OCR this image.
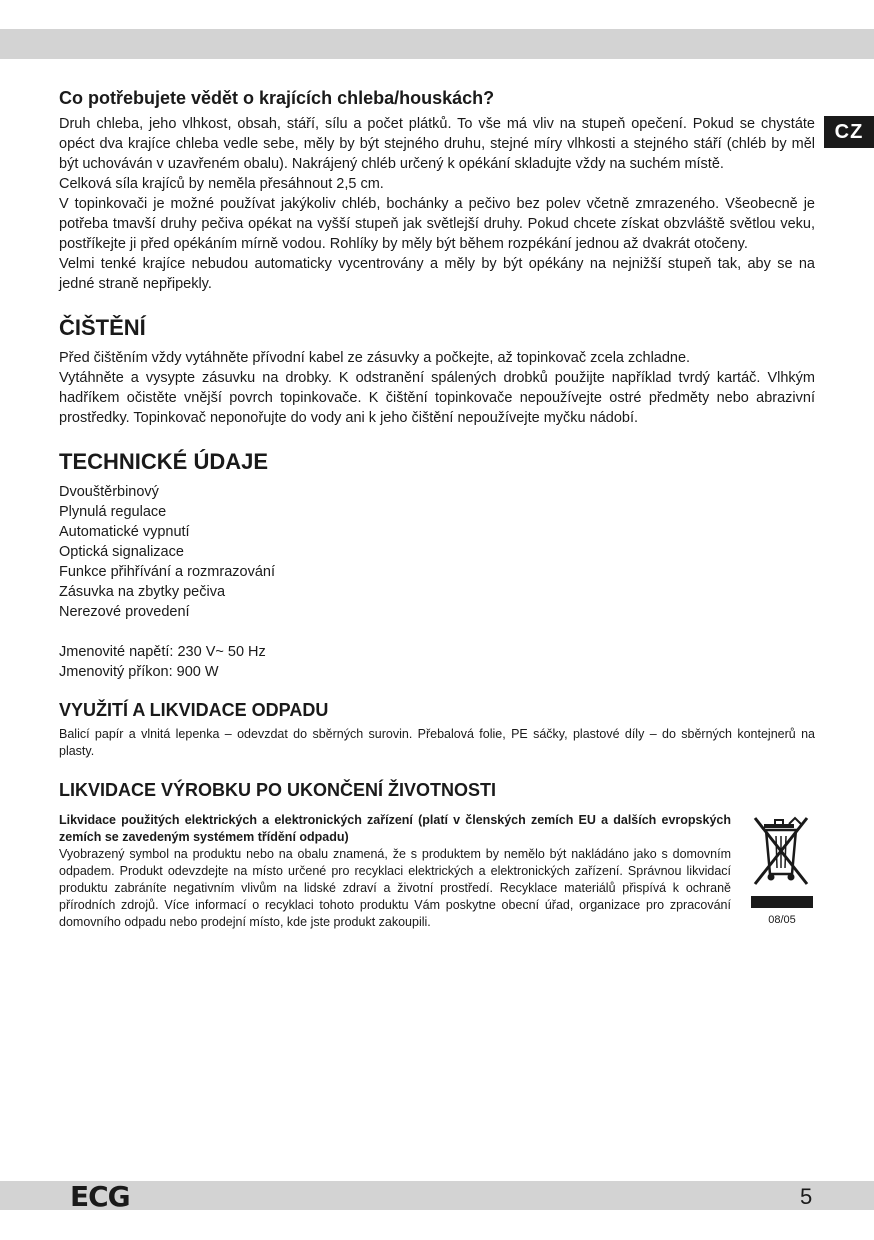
CZ
Co potřebujete vědět o krajících chleba/houskách?

Druh chleba, jeho vlhkost, obsah, stáří, sílu a počet plátků. To vše má vliv na stupeň opečení. Pokud se chystáte opéct dva krajíce chleba vedle sebe, měly by být stejného druhu, stejné míry vlhkosti a stejného stáří (chléb by měl být uchováván v uzavřeném obalu). Nakrájený chléb určený k opékání skladujte vždy na suchém místě.

Celková síla krajíců by neměla přesáhnout 2,5 cm.

V topinkovači je možné používat jakýkoliv chléb, bochánky a pečivo bez polev včetně zmrazeného. Všeobecně je potřeba tmavší druhy pečiva opékat na vyšší stupeň jak světlejší druhy. Pokud chcete získat obzvláště světlou veku, postříkejte ji před opékáním mírně vodou. Rohlíky by měly být během rozpékání jednou až dvakrát otočeny.

Velmi tenké krajíce nebudou automaticky vycentrovány a měly by být opékány na nejnižší stupeň tak, aby se na jedné straně nepřipekly.

ČIŠTĚNÍ

Před čištěním vždy vytáhněte přívodní kabel ze zásuvky a počkejte, až topinkovač zcela zchladne.

Vytáhněte a vysypte zásuvku na drobky. K odstranění spálených drobků použijte například tvrdý kartáč. Vlhkým hadříkem očistěte vnější povrch topinkovače. K čištění topinkovače nepoužívejte ostré předměty nebo abrazivní prostředky. Topinkovač neponořujte do vody ani k jeho čištění nepoužívejte myčku nádobí.

TECHNICKÉ ÚDAJE
Dvouštěrbinový
Plynulá regulace
Automatické vypnutí
Optická signalizace
Funkce přihřívání a rozmrazování
Zásuvka na zbytky pečiva
Nerezové provedení
Jmenovité napětí: 230 V~ 50 Hz
Jmenovitý příkon: 900 W
VYUŽITÍ A LIKVIDACE ODPADU

Balicí papír a vlnitá lepenka – odevzdat do sběrných surovin. Přebalová folie, PE sáčky, plastové díly – do sběrných kontejnerů na plasty.

LIKVIDACE VÝROBKU PO UKONČENÍ ŽIVOTNOSTI

Likvidace použitých elektrických a elektronických zařízení (platí v členských zemích EU a dalších evropských zemích se zavedeným systémem třídění odpadu)

Vyobrazený symbol na produktu nebo na obalu znamená, že s produktem by nemělo být nakládáno jako s domovním odpadem. Produkt odevzdejte na místo určené pro recyklaci elektrických a elektronických zařízení. Správnou likvidací produktu zabráníte negativním vlivům na lidské zdraví a životní prostředí. Recyklace materiálů přispívá k ochraně přírodních zdrojů. Více informací o recyklaci tohoto produktu Vám poskytne obecní úřad, organizace pro zpracování domovního odpadu nebo prodejní místo, kde jste produkt zakoupili.	08/05
ECG	5
